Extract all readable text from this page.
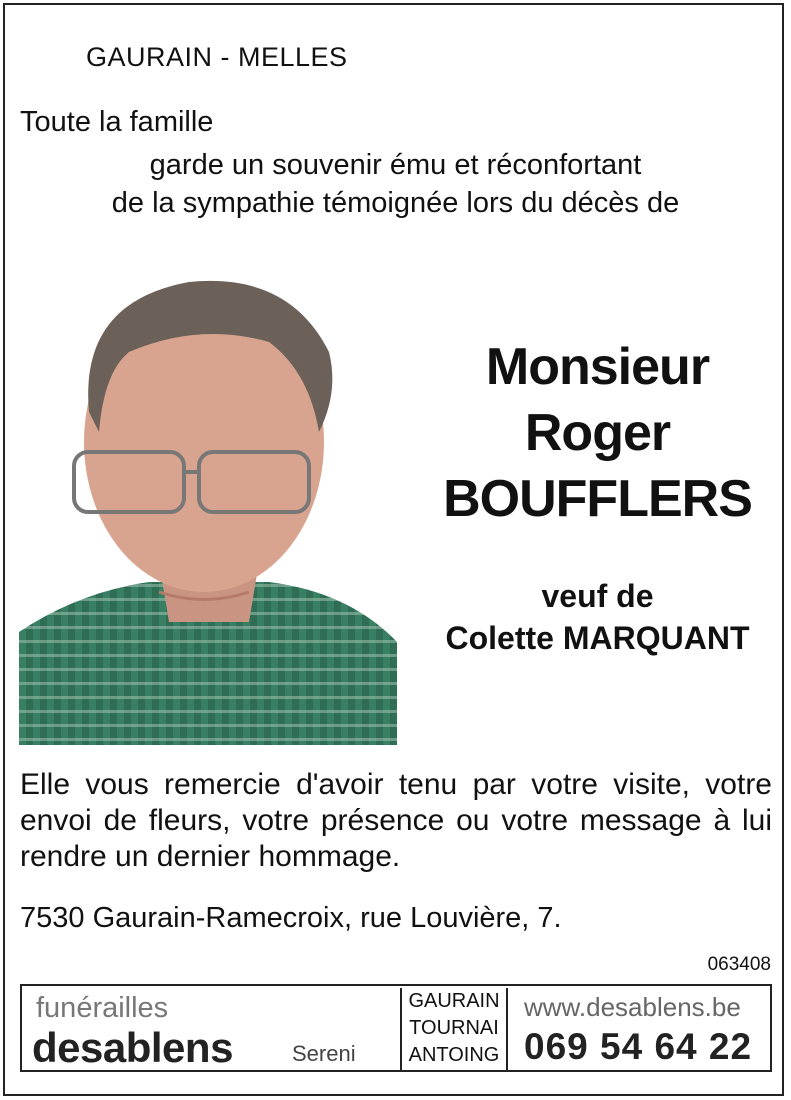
GAURAIN - MELLES
Toute la famille
garde un souvenir ému et réconfortant
de la sympathie témoignée lors du décès de
Monsieur
Roger
BOUFFLERS
veuf de
Colette MARQUANT
Elle vous remercie d'avoir tenu par votre visite, votre envoi de fleurs, votre présence ou votre message à lui rendre un dernier hommage.
7530 Gaurain-Ramecroix, rue Louvière, 7.
063408
funérailles
desablens	Sereni
GAURAIN
TOURNAI
ANTOING
www.desablens.be
069 54 64 22
